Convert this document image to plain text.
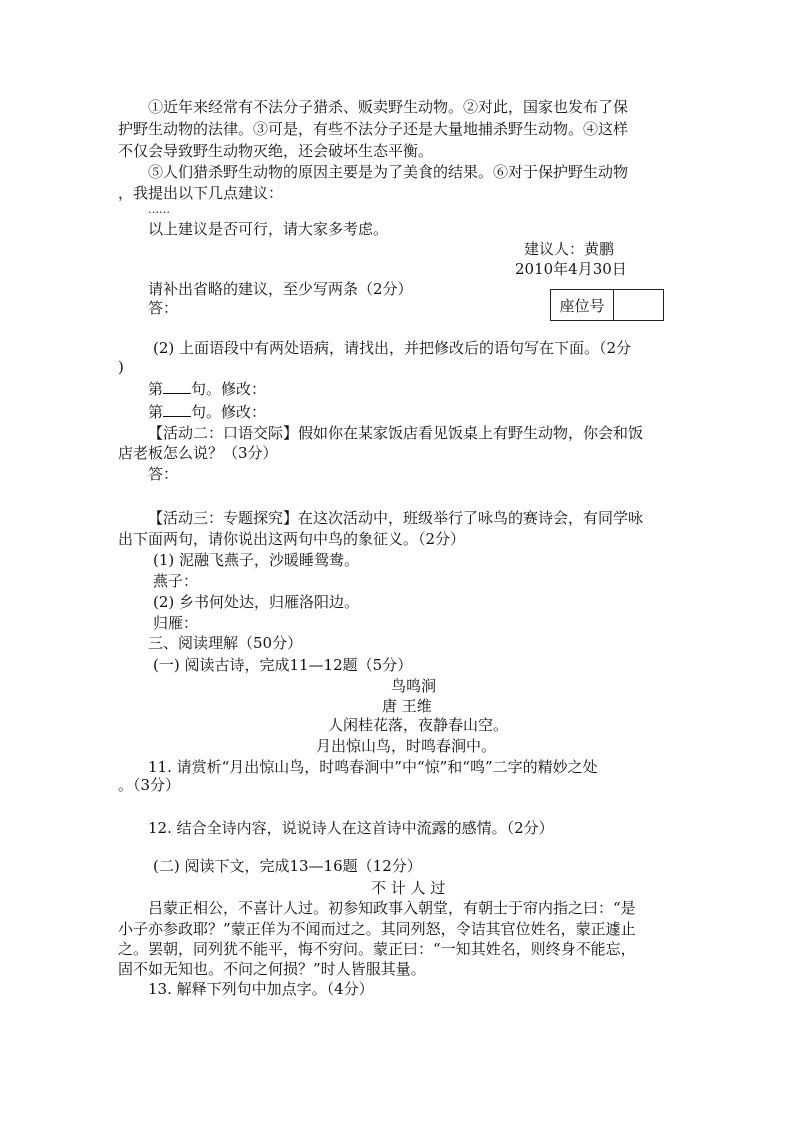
①近年来经常有不法分子猎杀、贩卖野生动物。②对此，国家也发布了保
护野生动物的法律。③可是，有些不法分子还是大量地捕杀野生动物。④这样
不仅会导致野生动物灭绝，还会破坏生态平衡。
⑤人们猎杀野生动物的原因主要是为了美食的结果。⑥对于保护野生动物
，我提出以下几点建议：
……
以上建议是否可行，请大家多考虑。
建议人：黄鹏
2010年4月30日
请补出省略的建议，至少写两条（2分）
答：	座位号
(2) 上面语段中有两处语病，请找出，并把修改后的语句写在下面。（2分
)
第 句。修改：
第 句。修改：
【活动二：口语交际】假如你在某家饭店看见饭桌上有野生动物，你会和饭
店老板怎么说？（3分）
答：
【活动三：专题探究】在这次活动中，班级举行了咏鸟的赛诗会，有同学咏
出下面两句，请你说出这两句中鸟的象征义。（2分）
(1) 泥融飞燕子，沙暖睡鸳鸯。
燕子：
(2) 乡书何处达，归雁洛阳边。
归雁：
三、阅读理解（50分）
(一) 阅读古诗，完成11—12题（5分）
鸟鸣涧
唐 王维
人闲桂花落，夜静春山空。
月出惊山鸟，时鸣春涧中。
11. 请赏析“月出惊山鸟，时鸣春涧中”中“惊”和“鸣”二字的精妙之处
。（3分）
12. 结合全诗内容，说说诗人在这首诗中流露的感情。（2分）
(二) 阅读下文，完成13—16题（12分）
不 计 人 过
吕蒙正相公，不喜计人过。初参知政事入朝堂，有朝士于帘内指之曰：“是
小子亦参政耶？”蒙正佯为不闻而过之。其同列怒，令诘其官位姓名，蒙正遽止
之。罢朝，同列犹不能平，悔不穷问。蒙正曰：“一知其姓名，则终身不能忘，
固不如无知也。不问之何损？”时人皆服其量。
13. 解释下列句中加点字。（4分）
